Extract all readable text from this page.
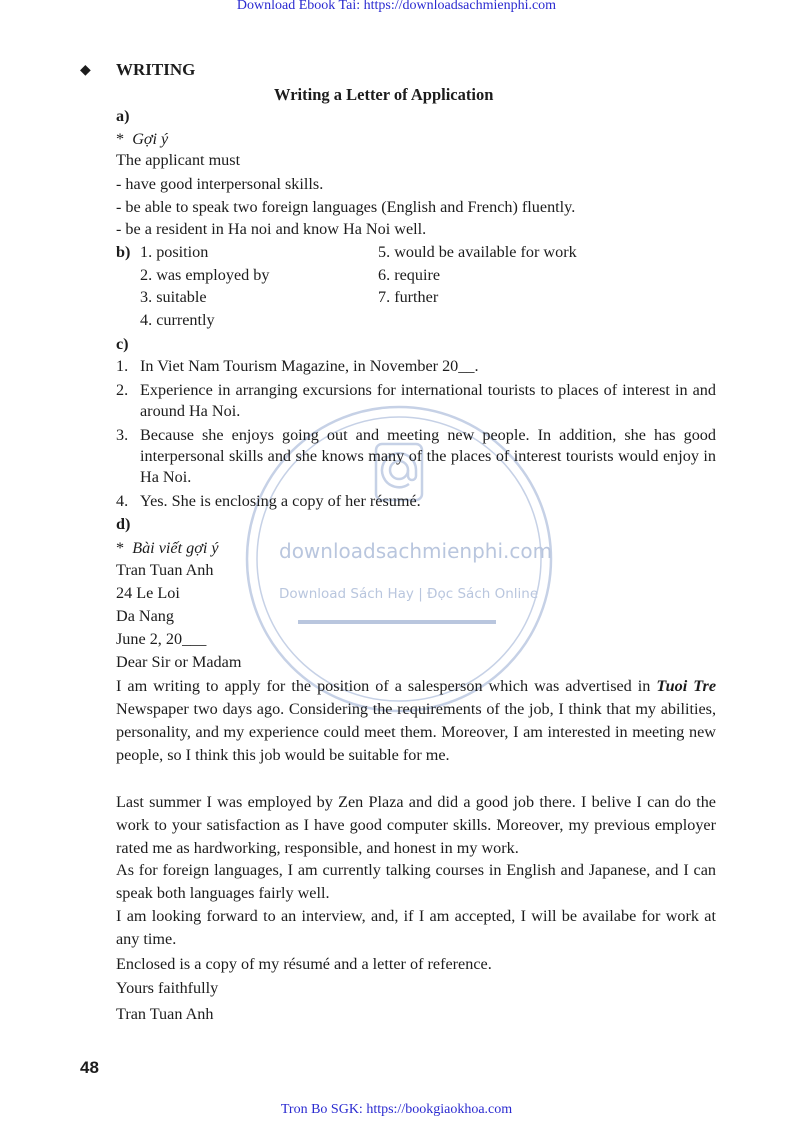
Download Ebook Tai: https://downloadsachmienphi.com
downloadsachmienphi.com
Download Sách Hay | Đọc Sách Online
◆ WRITING
Writing a Letter of Application
a)
*  Gợi ý
The applicant must
- have good interpersonal skills.
- be able to speak two foreign languages (English and French) fluently.
- be a resident in Ha noi and know Ha Noi well.
b) 1. position
2. was employed by
3. suitable
4. currently
5. would be available for work
6. require
7. further
c)
1. In Viet Nam Tourism Magazine, in November 20__.
2. Experience in arranging excursions for international tourists to places of interest in and around Ha Noi.
3. Because she enjoys going out and meeting new people. In addition, she has good interpersonal skills and she knows many of the places of interest tourists would enjoy in Ha Noi.
4. Yes. She is enclosing a copy of her résumé.
d)
*  Bài viết gợi ý
Tran Tuan Anh
24 Le Loi
Da Nang
June 2, 20___
Dear Sir or Madam
I am writing to apply for the position of a salesperson which was advertised in Tuoi Tre Newspaper two days ago. Considering the requirements of the job, I think that my abilities, personality, and my experience could meet them. Moreover, I am interested in meeting new people, so I think this job would be suitable for me.
Last summer I was employed by Zen Plaza and did a good job there. I belive I can do the work to your satisfaction as I have good computer skills. Moreover, my previous employer rated me as hardworking, responsible, and honest in my work.
As for foreign languages, I am currently talking courses in English and Japanese, and I can speak both languages fairly well.
I am looking forward to an interview, and, if I am accepted, I will be availabe for work at any time.
Enclosed is a copy of my résumé and a letter of reference.
Yours faithfully
Tran Tuan Anh
48
Tron Bo SGK: https://bookgiaokhoa.com
